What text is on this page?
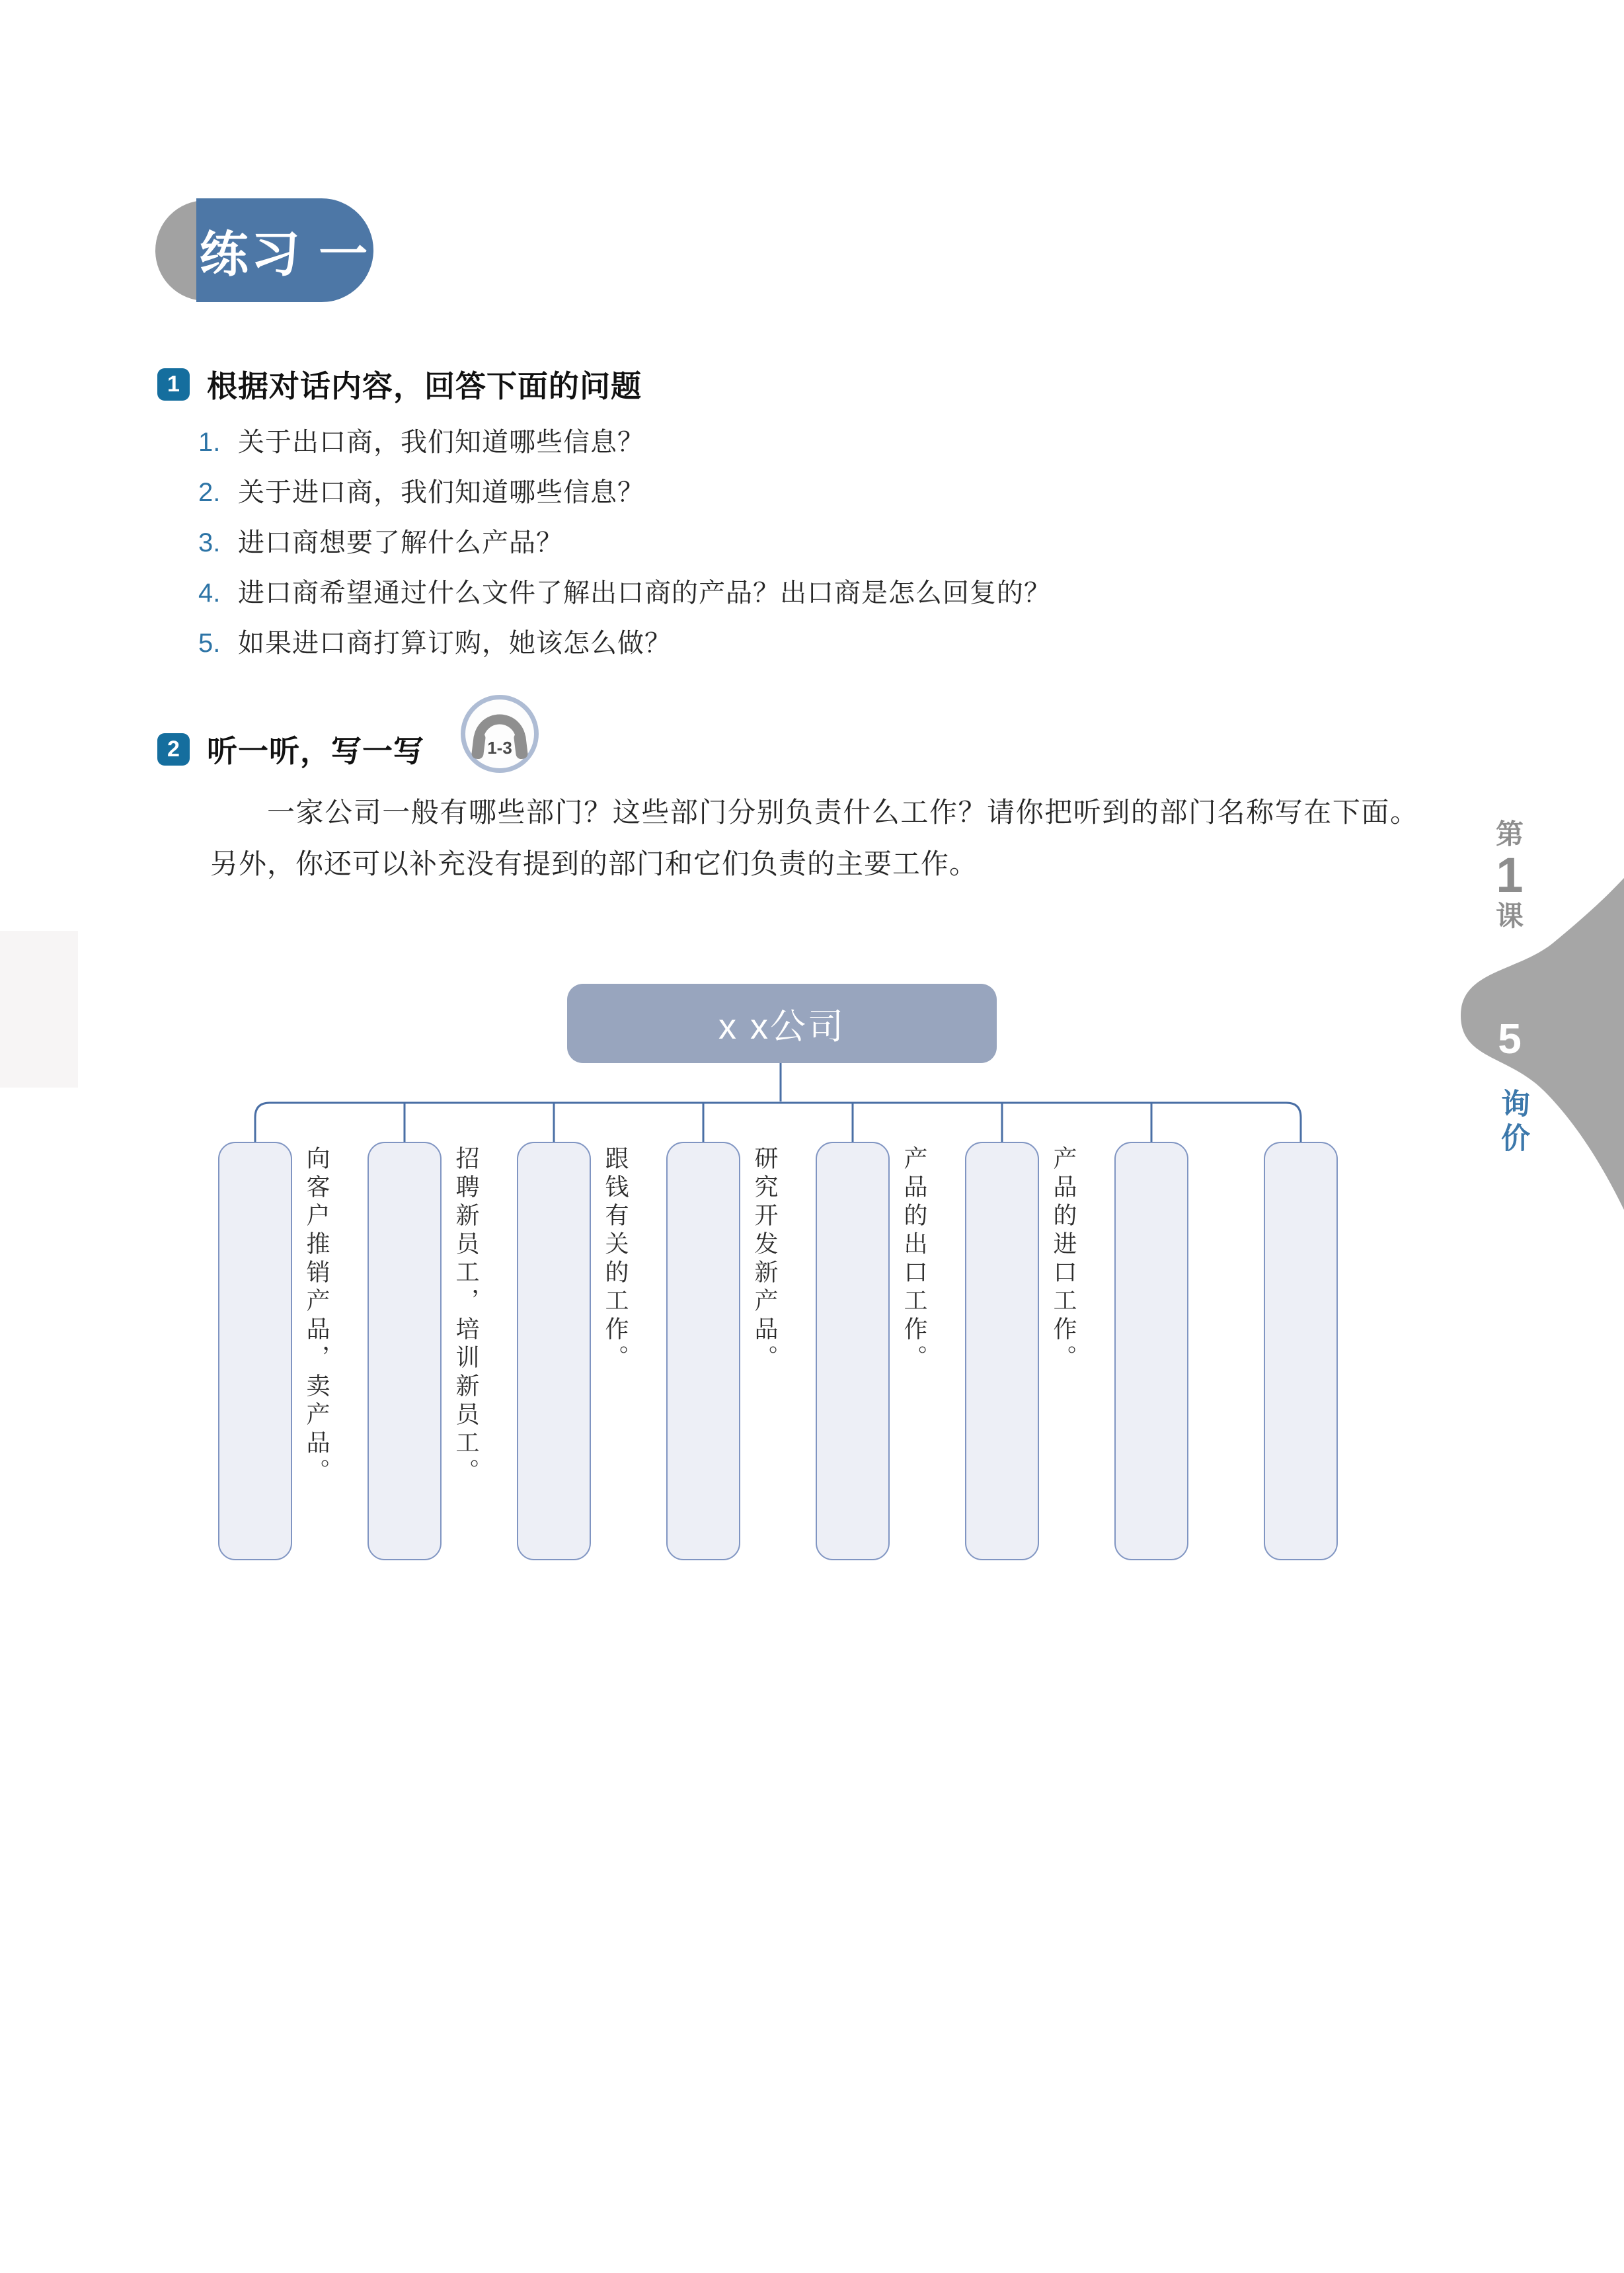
练习 一
1 根据对话内容，回答下面的问题
1. 关于出口商，我们知道哪些信息？
2. 关于进口商，我们知道哪些信息？
3. 进口商想要了解什么产品？
4. 进口商希望通过什么文件了解出口商的产品？出口商是怎么回复的？
5. 如果进口商打算订购，她该怎么做？
2 听一听，写一写	1-3
一家公司一般有哪些部门？这些部门分别负责什么工作？请你把听到的部门名称写在下面。另外，你还可以补充没有提到的部门和它们负责的主要工作。
x x公司
向客户推销产品，卖产品。	招聘新员工，培训新员工。	跟钱有关的工作。	研究开发新产品。	产品的出口工作。	产品的进口工作。
第
1
课
5
询价
